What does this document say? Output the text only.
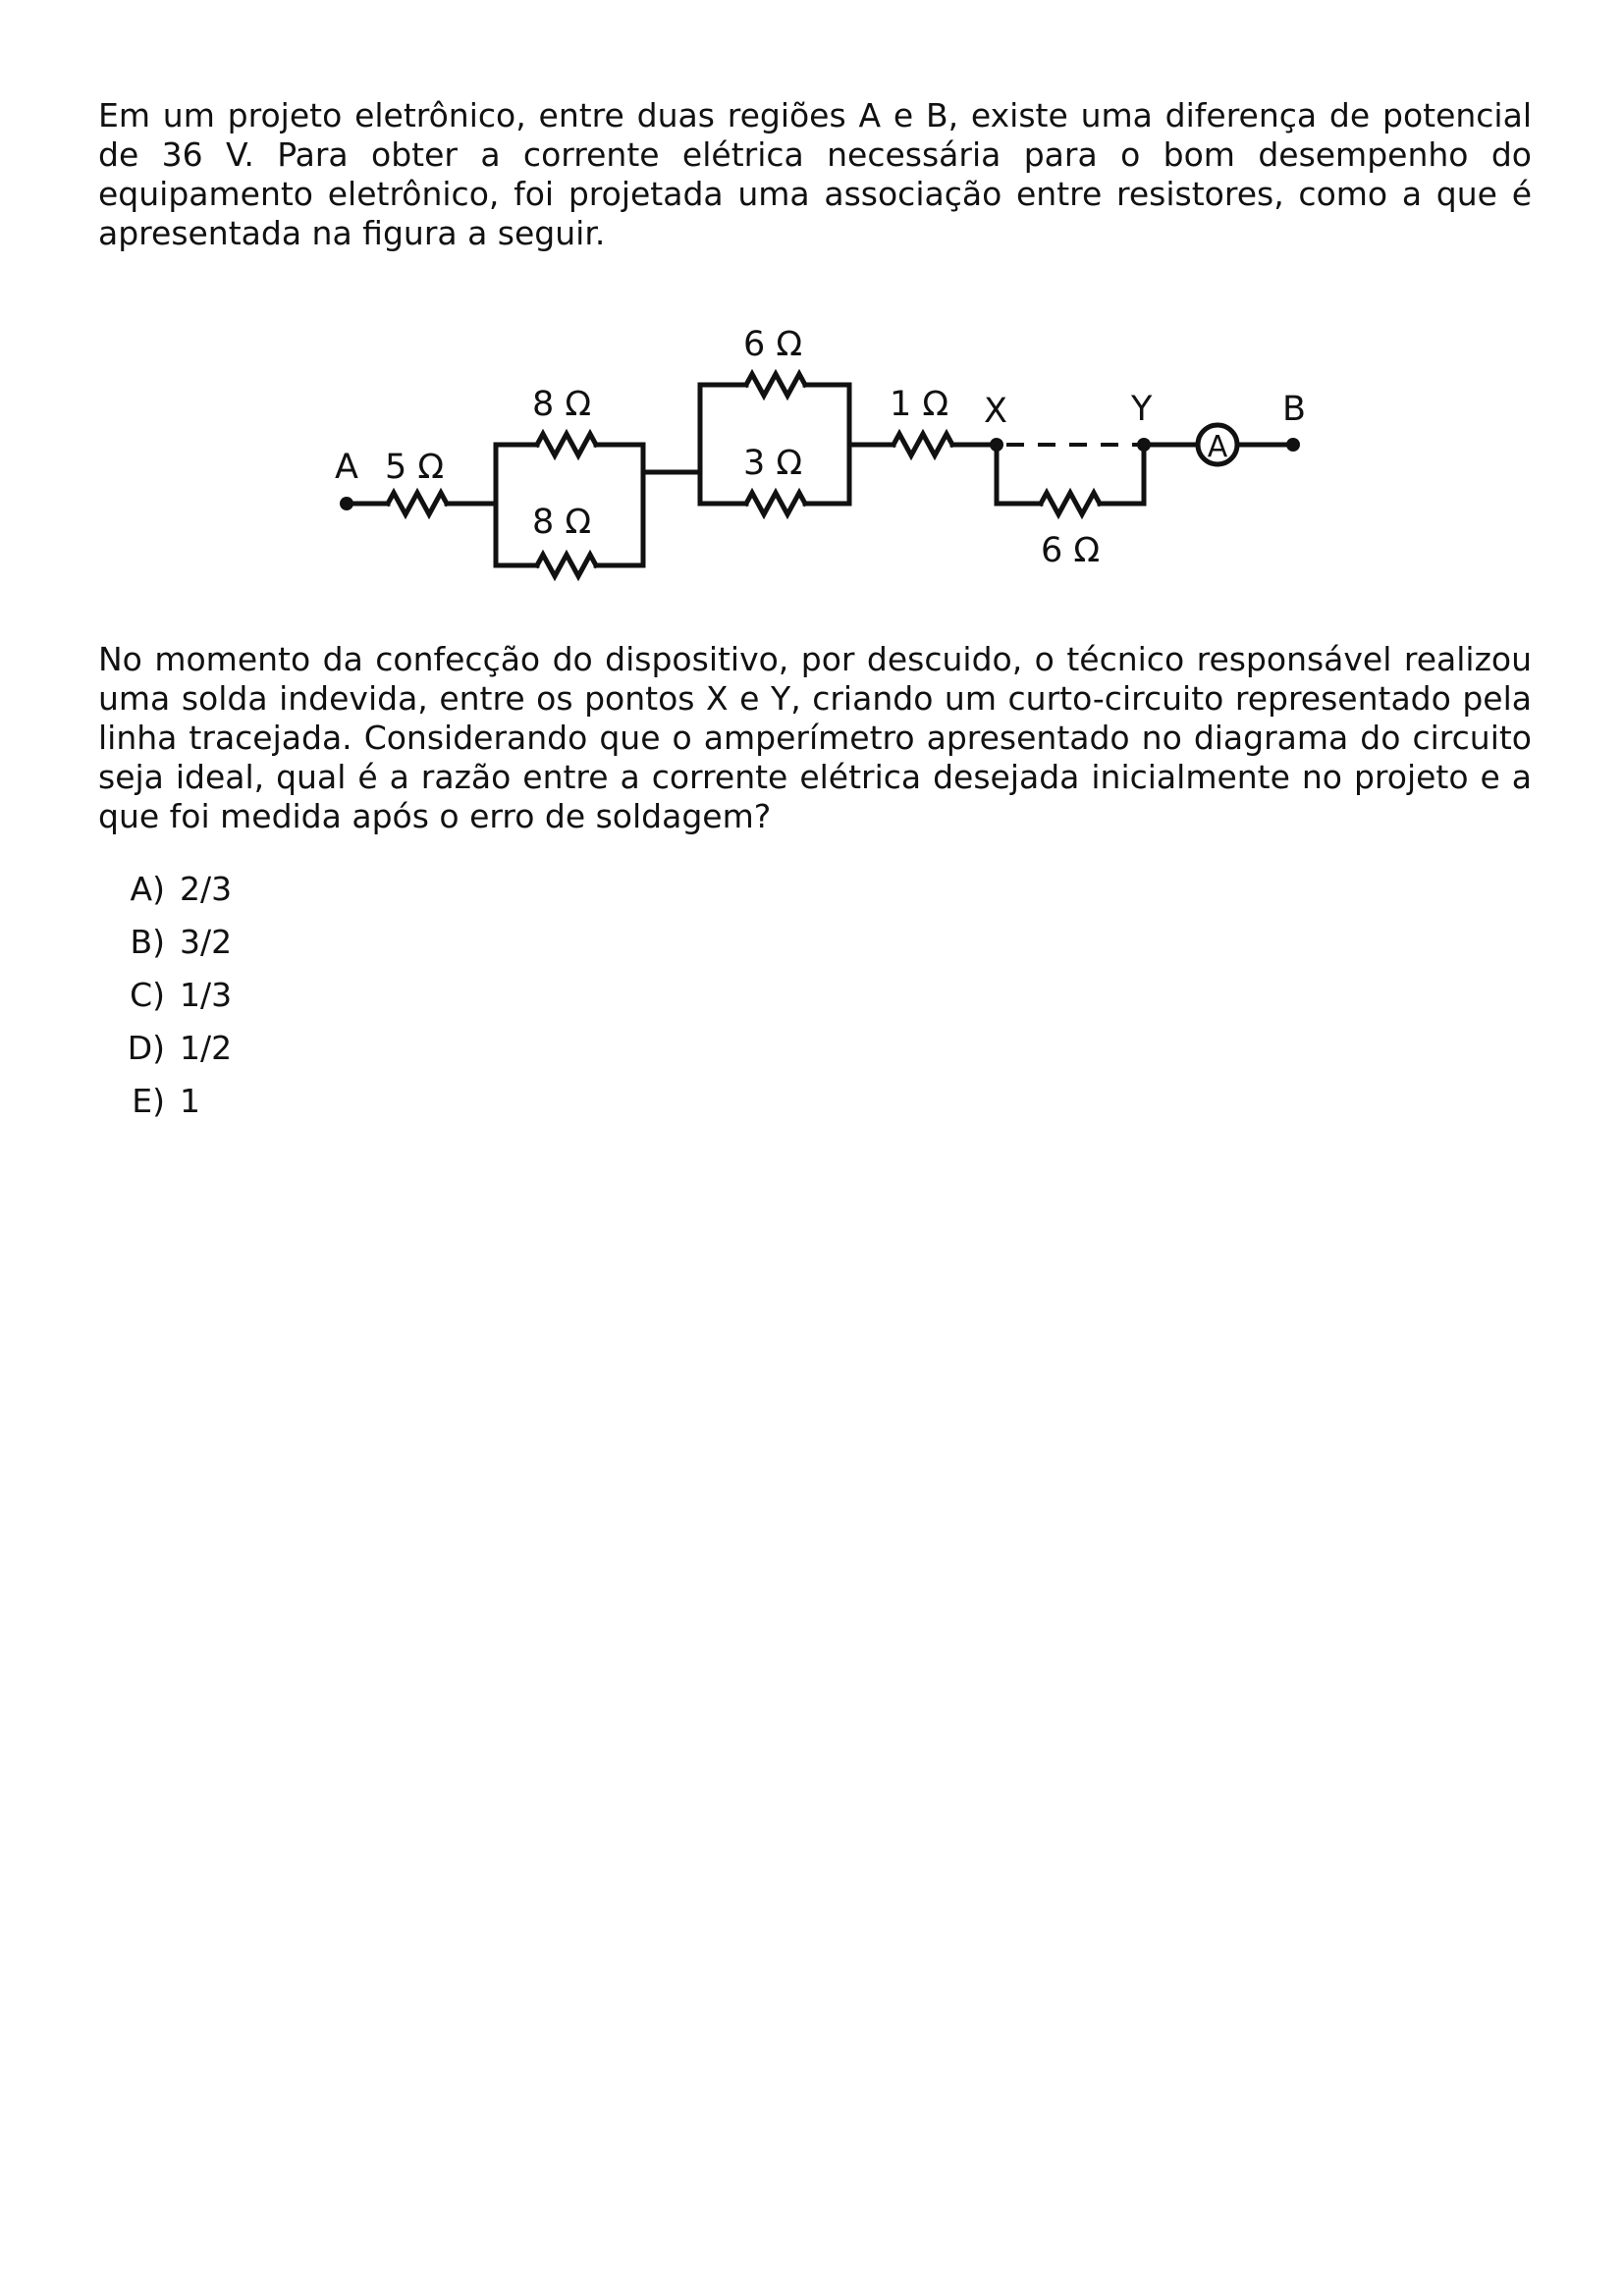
Em um projeto eletrônico, entre duas regiões A e B, existe uma diferença de potencial de 36 V. Para obter a corrente elétrica necessária para o bom desempenho do equipamento eletrônico, foi projetada uma associação entre resistores, como a que é apresentada na figura a seguir.

A 5 Ω
8 Ω
8 Ω
6 Ω
3 Ω
1 Ω X	Y	B
6 Ω
A

No momento da confecção do dispositivo, por descuido, o técnico responsável realizou uma solda indevida, entre os pontos X e Y, criando um curto-circuito representado pela linha tracejada. Considerando que o amperímetro apresentado no diagrama do circuito seja ideal, qual é a razão entre a corrente elétrica desejada inicialmente no projeto e a que foi medida após o erro de soldagem?

A) 2/3
B) 3/2
C) 1/3
D) 1/2
E) 1
